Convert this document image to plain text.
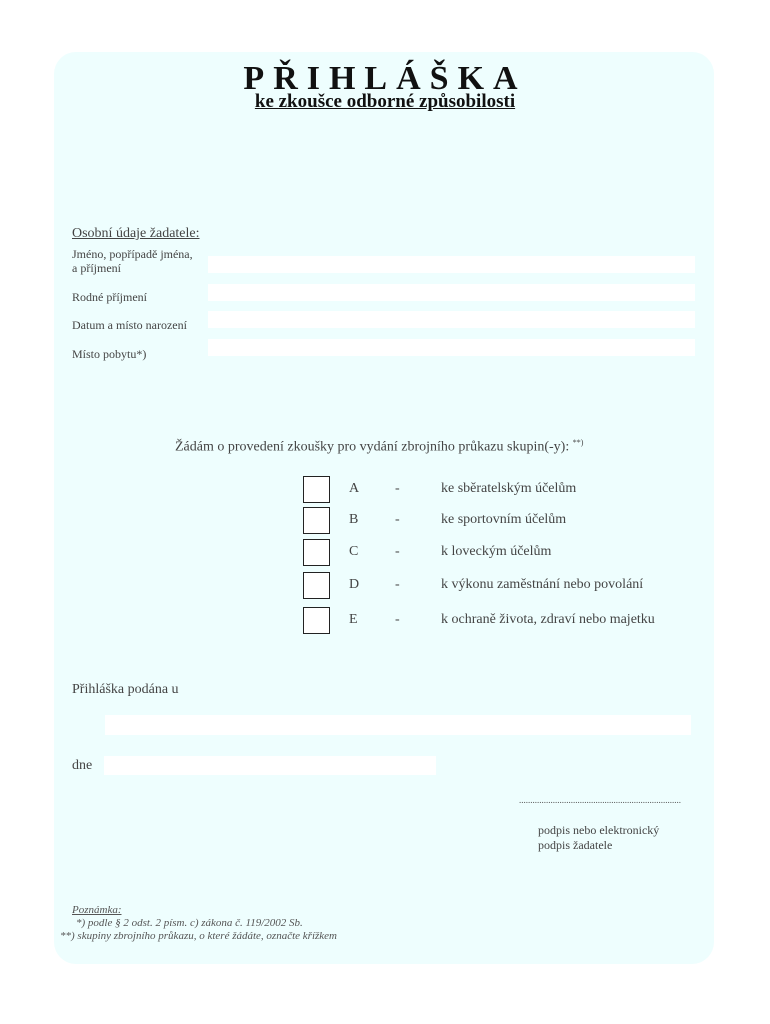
PŘIHLÁŠKA
ke zkoušce odborné způsobilosti
Osobní údaje žadatele:
Jméno, popřípadě jména,
a příjmení
Rodné příjmení
Datum a místo narození
Místo pobytu*)
Žádám o provedení zkoušky pro vydání zbrojního průkazu skupin(-y): **)
A	-	ke sběratelským účelům
B	-	ke sportovním účelům
C	-	k loveckým účelům
D	-	k výkonu zaměstnání nebo povolání
E	-	k ochraně života, zdraví nebo majetku
Přihláška podána u
dne
........................................................................
podpis nebo elektronický
podpis žadatele
Poznámka:
*) podle § 2 odst. 2 písm. c) zákona č. 119/2002 Sb.
**) skupiny zbrojního průkazu, o které žádáte, označte křížkem
